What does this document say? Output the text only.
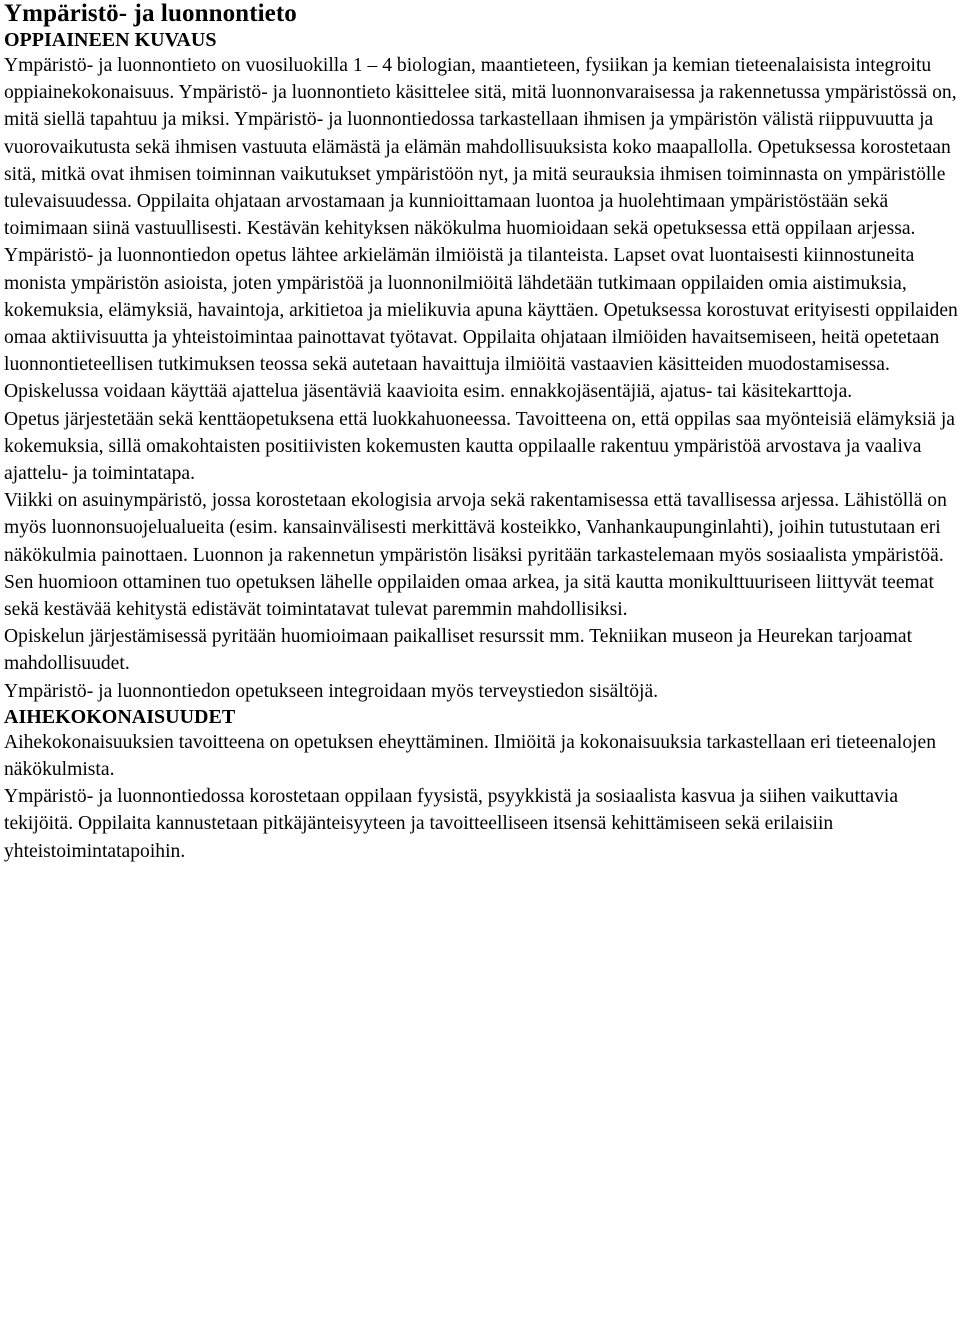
Ympäristö- ja luonnontieto
OPPIAINEEN KUVAUS

Ympäristö- ja luonnontieto on vuosiluokilla 1 – 4 biologian, maantieteen, fysiikan ja kemian tieteenalaisista integroitu oppiainekokonaisuus. Ympäristö- ja luonnontieto käsittelee sitä, mitä luonnonvaraisessa ja rakennetussa ympäristössä on, mitä siellä tapahtuu ja miksi. Ympäristö- ja luonnontiedossa tarkastellaan ihmisen ja ympäristön välistä riippuvuutta ja vuorovaikutusta sekä ihmisen vastuuta elämästä ja elämän mahdollisuuksista koko maapallolla. Opetuksessa korostetaan sitä, mitkä ovat ihmisen toiminnan vaikutukset ympäristöön nyt, ja mitä seurauksia ihmisen toiminnasta on ympäristölle tulevaisuudessa. Oppilaita ohjataan arvostamaan ja kunnioittamaan luontoa ja huolehtimaan ympäristöstään sekä toimimaan siinä vastuullisesti. Kestävän kehityksen näkökulma huomioidaan sekä opetuksessa että oppilaan arjessa.

Ympäristö- ja luonnontiedon opetus lähtee arkielämän ilmiöistä ja tilanteista. Lapset ovat luontaisesti kiinnostuneita monista ympäristön asioista, joten ympäristöä ja luonnonilmiöitä lähdetään tutkimaan oppilaiden omia aistimuksia, kokemuksia, elämyksiä, havaintoja, arkitietoa ja mielikuvia apuna käyttäen. Opetuksessa korostuvat erityisesti oppilaiden omaa aktiivisuutta ja yhteistoimintaa painottavat työtavat. Oppilaita ohjataan ilmiöiden havaitsemiseen, heitä opetetaan luonnontieteellisen tutkimuksen teossa sekä autetaan havaittuja ilmiöitä vastaavien käsitteiden muodostamisessa. Opiskelussa voidaan käyttää ajattelua jäsentäviä kaavioita esim. ennakkojäsentäjiä, ajatus- tai käsitekarttoja.

Opetus järjestetään sekä kenttäopetuksena että luokkahuoneessa. Tavoitteena on, että oppilas saa myönteisiä elämyksiä ja kokemuksia, sillä omakohtaisten positiivisten kokemusten kautta oppilaalle rakentuu ympäristöä arvostava ja vaaliva ajattelu- ja toimintatapa.

Viikki on asuinympäristö, jossa korostetaan ekologisia arvoja sekä rakentamisessa että tavallisessa arjessa. Lähistöllä on myös luonnonsuojelualueita (esim. kansainvälisesti merkittävä kosteikko, Vanhankaupunginlahti), joihin tutustutaan eri näkökulmia painottaen. Luonnon ja rakennetun ympäristön lisäksi pyritään tarkastelemaan myös sosiaalista ympäristöä. Sen huomioon ottaminen tuo opetuksen lähelle oppilaiden omaa arkea, ja sitä kautta monikulttuuriseen liittyvät teemat sekä kestävää kehitystä edistävät toimintatavat tulevat paremmin mahdollisiksi.

Opiskelun järjestämisessä pyritään huomioimaan paikalliset resurssit mm. Tekniikan museon ja Heurekan tarjoamat mahdollisuudet.

Ympäristö- ja luonnontiedon opetukseen integroidaan myös terveystiedon sisältöjä.

AIHEKOKONAISUUDET

Aihekokonaisuuksien tavoitteena on opetuksen eheyttäminen. Ilmiöitä ja kokonaisuuksia tarkastellaan eri tieteenalojen näkökulmista.

Ympäristö- ja luonnontiedossa korostetaan oppilaan fyysistä, psyykkistä ja sosiaalista kasvua ja siihen vaikuttavia tekijöitä. Oppilaita kannustetaan pitkäjänteisyyteen ja tavoitteelliseen itsensä kehittämiseen sekä erilaisiin yhteistoimintatapoihin.
